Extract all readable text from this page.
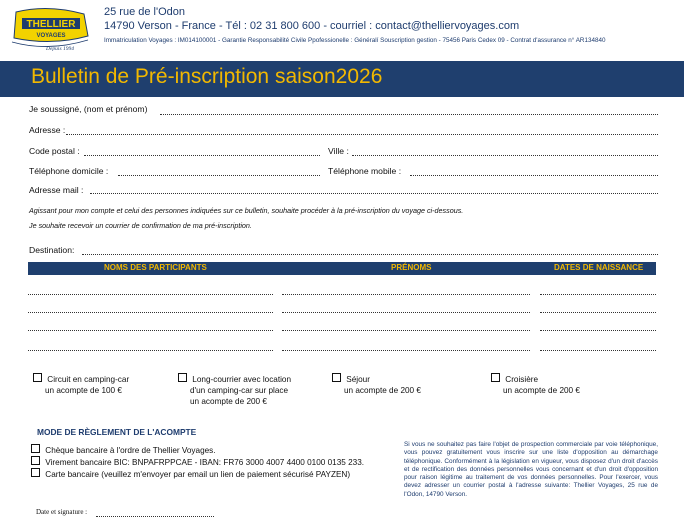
THELLIER
VOYAGES
Depuis 1994
25 rue de l'Odon
14790 Verson - France - Tél : 02 31 800 600 - courriel : contact@thelliervoyages.com
Immatriculation Voyages : IM014100001 - Garantie Responsabilité Civile Ppofessionelle : Généralí Souscription gestion - 75456 Paris Cedex 09 - Contrat d'assurance n° AR134840
Bulletin de Pré-inscription saison2026
Je soussigné, (nom et prénom)
Adresse :
Code postal :	Ville :
Téléphone domicile :	Téléphone mobile :
Adresse mail :
Agissant pour mon compte et celui des personnes indiquées sur ce bulletin, souhaite procéder à la pré-inscription du voyage ci-dessous.
Je souhaite recevoir un courrier de confirmation de ma pré-inscription.
Destination:
NOMS DES PARTICIPANTS	PRÉNOMS	DATES DE NAISSANCE
Circuit en camping-car
un acompte de 100 €
Long-courrier avec location
d'un camping-car sur place
un acompte de 200 €
Séjour
un acompte de 200 €
Croisière
un acompte de 200 €
MODE DE RÈGLEMENT DE L'ACOMPTE
Chèque bancaire à l'ordre de Thellier Voyages.
Virement bancaire BIC: BNPAFRPPCAE - IBAN: FR76 3000 4007 4400 0100 0135 233.
Carte bancaire (veuillez m'envoyer par email un lien de paiement sécurisé PAYZEN)
Si vous ne souhaitez pas faire l'objet de prospection commerciale par voie téléphonique, vous pouvez gratuitement vous inscrire sur une liste d'opposition au démarchage téléphonique. Conformément à la législation en vigueur, vous disposez d'un droit d'accès et de rectification des données personnelles vous concernant et d'un droit d'opposition pour raison légitime au traitement de vos données personnelles. Pour l'exercer, vous devez adresser un courrier postal à l'adresse suivante: Thellier Voyages, 25 rue de l'Odon, 14790 Verson.
Date et signature :
